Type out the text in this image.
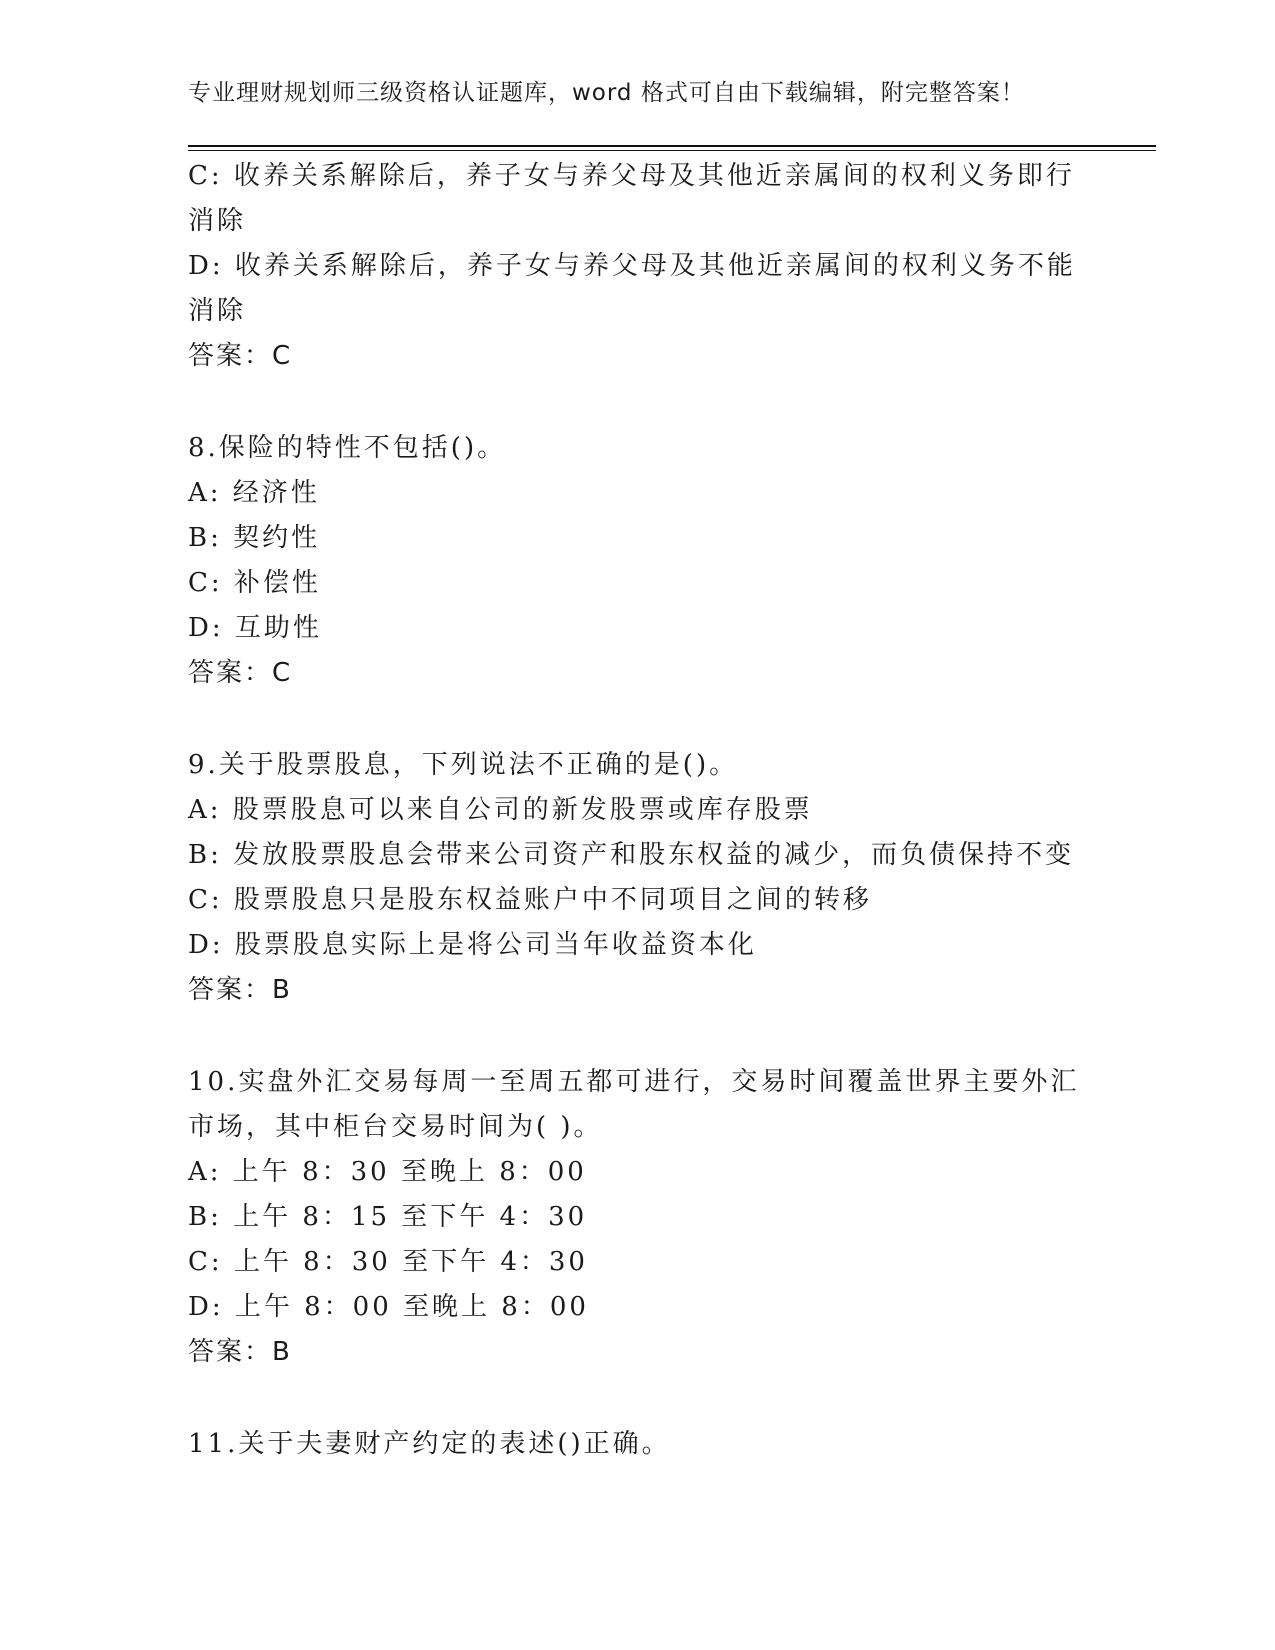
专业理财规划师三级资格认证题库，word 格式可自由下载编辑，附完整答案！
C: 收养关系解除后，养子女与养父母及其他近亲属间的权利义务即行
消除
D: 收养关系解除后，养子女与养父母及其他近亲属间的权利义务不能
消除
答案：C
8.保险的特性不包括()。
A: 经济性
B: 契约性
C: 补偿性
D: 互助性
答案：C
9.关于股票股息，下列说法不正确的是()。
A: 股票股息可以来自公司的新发股票或库存股票
B: 发放股票股息会带来公司资产和股东权益的减少，而负债保持不变
C: 股票股息只是股东权益账户中不同项目之间的转移
D: 股票股息实际上是将公司当年收益资本化
答案：B
10.实盘外汇交易每周一至周五都可进行，交易时间覆盖世界主要外汇
市场，其中柜台交易时间为( )。
A: 上午 8：30 至晚上 8：00
B: 上午 8：15 至下午 4：30
C: 上午 8：30 至下午 4：30
D: 上午 8：00 至晚上 8：00
答案：B
11.关于夫妻财产约定的表述()正确。
